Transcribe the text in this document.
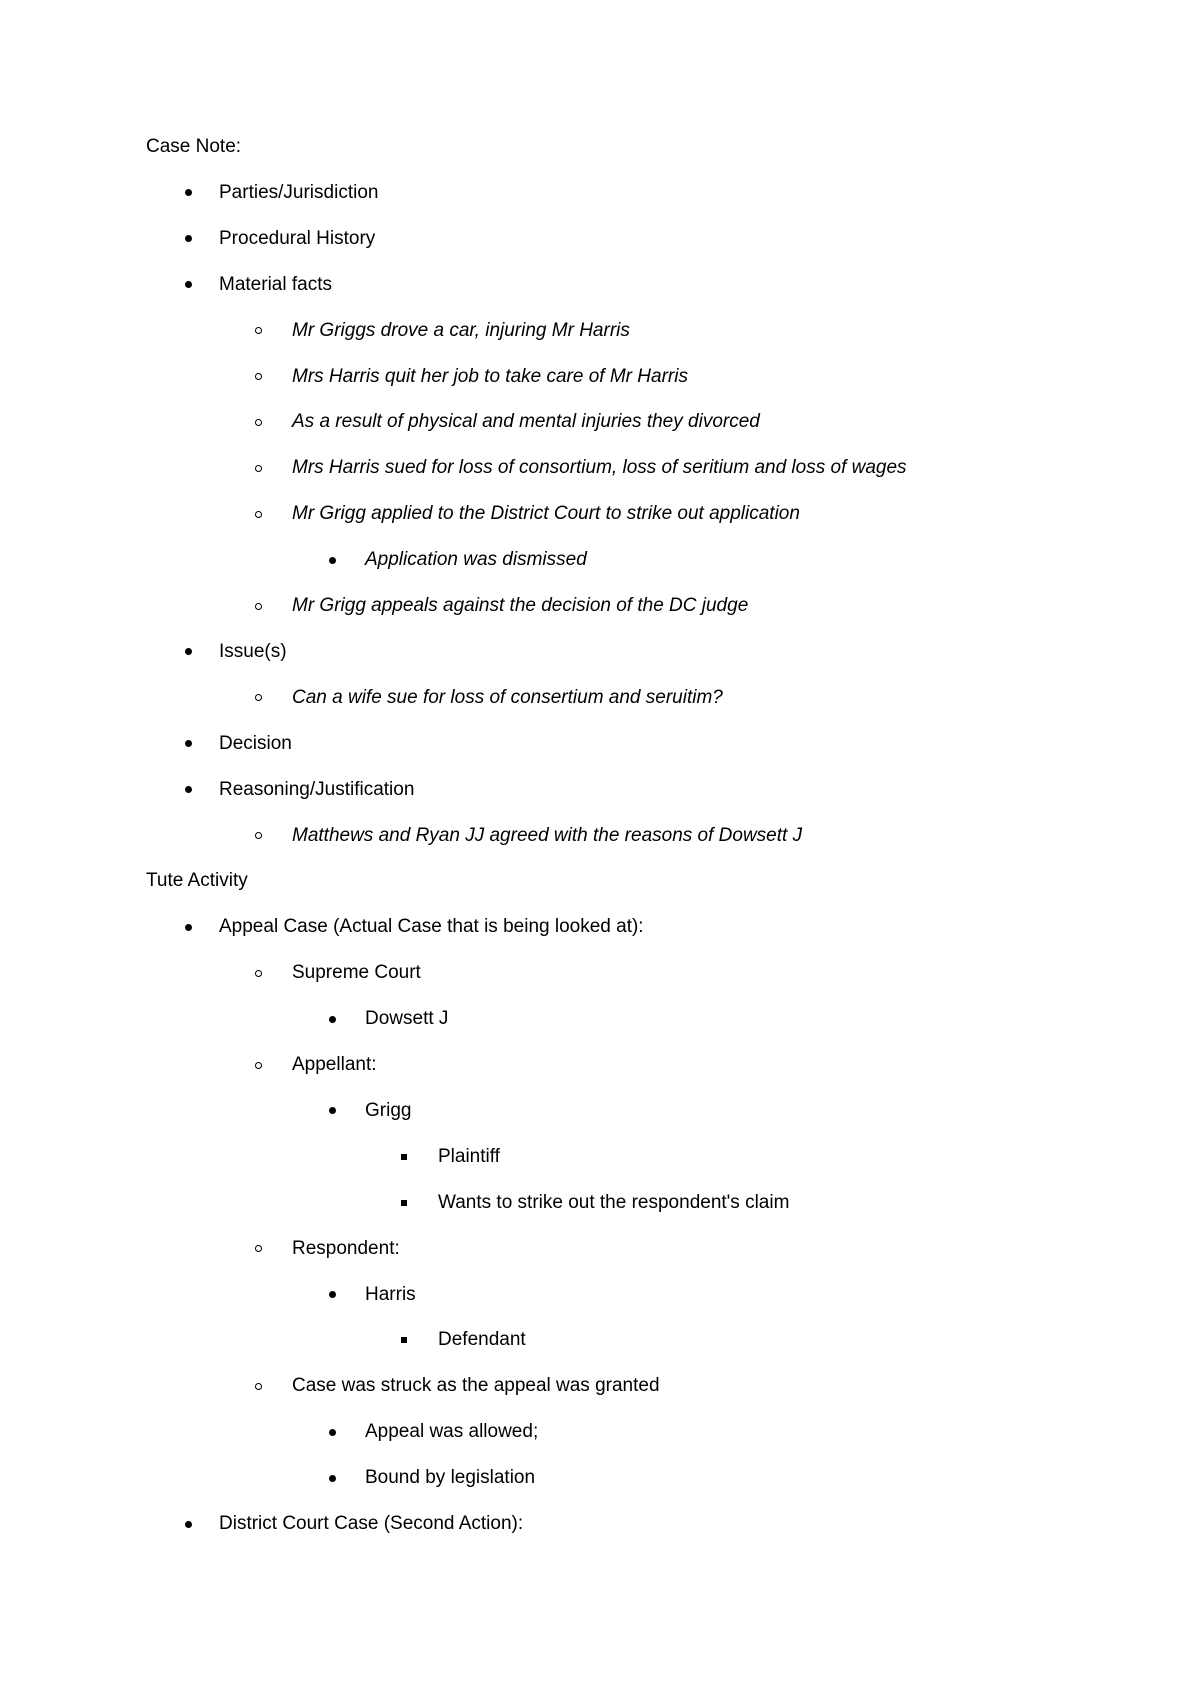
Case Note:
Parties/Jurisdiction
Procedural History
Material facts
Mr Griggs drove a car, injuring Mr Harris
Mrs Harris quit her job to take care of Mr Harris
As a result of physical and mental injuries they divorced
Mrs Harris sued for loss of consortium, loss of seritium and loss of wages
Mr Grigg applied to the District Court to strike out application
Application was dismissed
Mr Grigg appeals against the decision of the DC judge
Issue(s)
Can a wife sue for loss of consertium and seruitim?
Decision
Reasoning/Justification
Matthews and Ryan JJ agreed with the reasons of Dowsett J
Tute Activity
Appeal Case (Actual Case that is being looked at):
Supreme Court
Dowsett J
Appellant:
Grigg
Plaintiff
Wants to strike out the respondent's claim
Respondent:
Harris
Defendant
Case was struck as the appeal was granted
Appeal was allowed;
Bound by legislation
District Court Case (Second Action):
